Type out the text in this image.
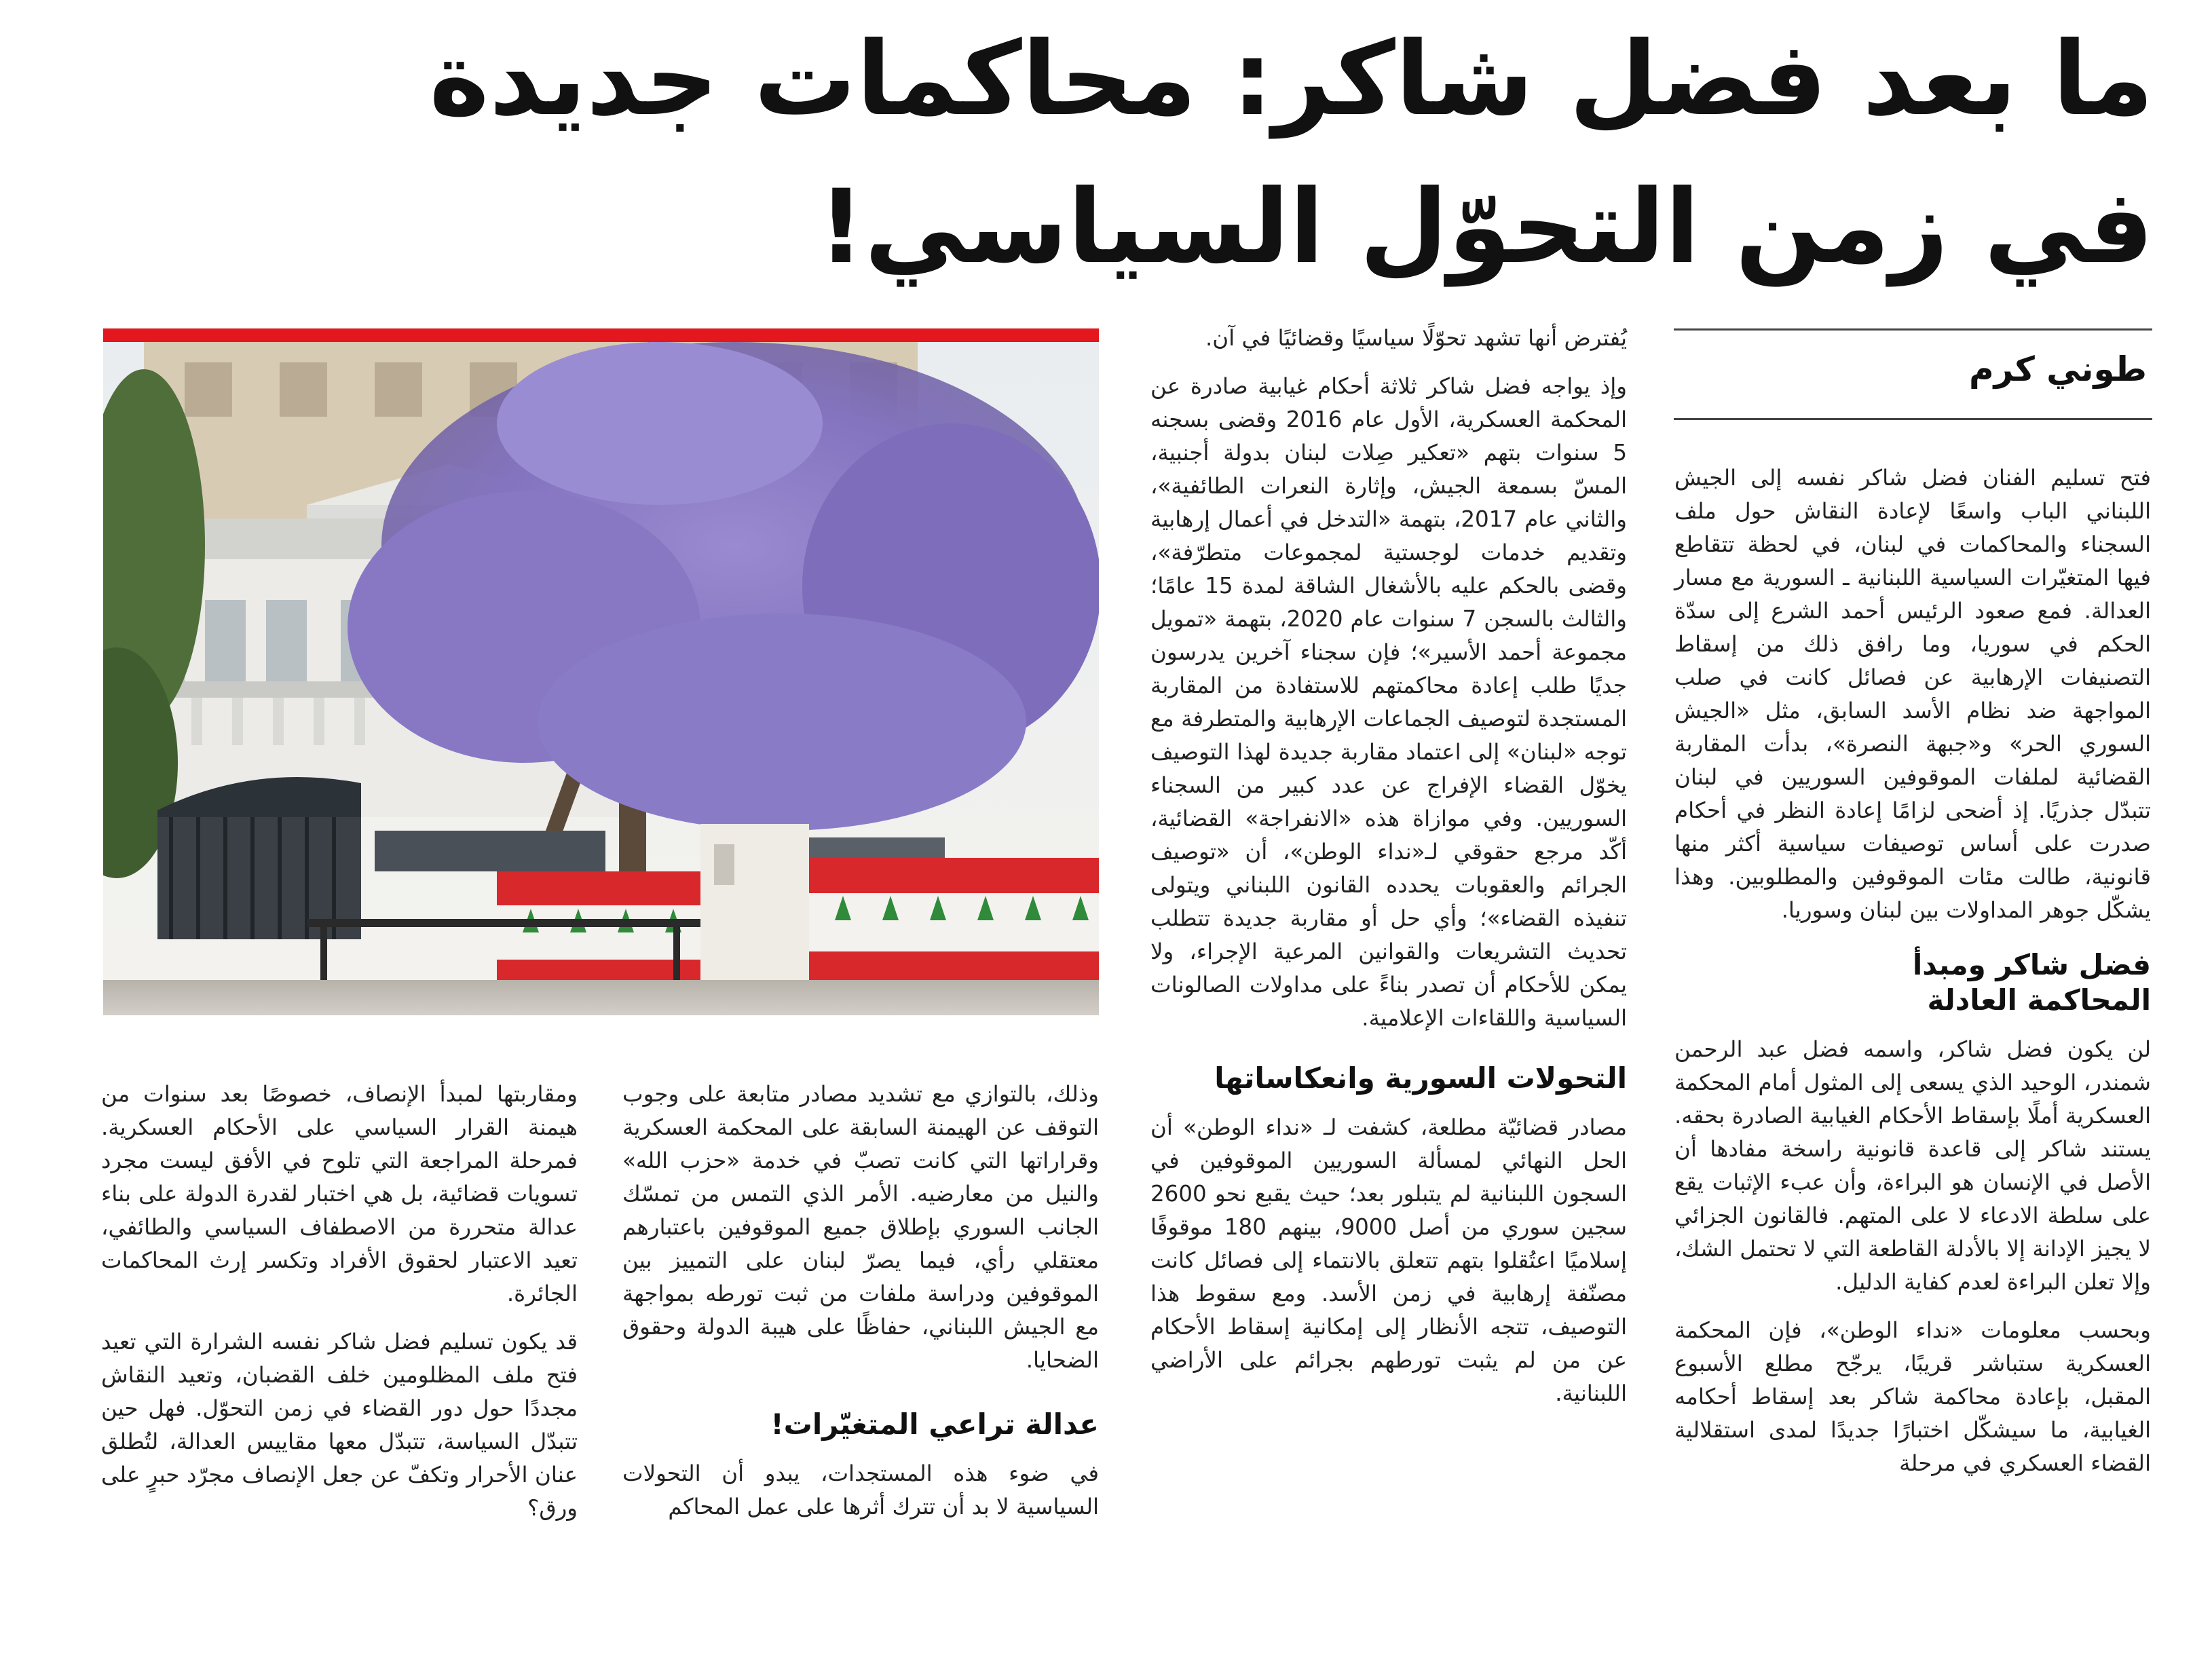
ما بعد فضل شاكر: محاكمات جديدة
في زمن التحوّل السياسي!
طوني كرم

فتح تسليم الفنان فضل شاكر نفسه إلى الجيش اللبناني الباب واسعًا لإعادة النقاش حول ملف السجناء والمحاكمات في لبنان، في لحظة تتقاطع فيها المتغيّرات السياسية اللبنانية ـ السورية مع مسار العدالة. فمع صعود الرئيس أحمد الشرع إلى سدّة الحكم في سوريا، وما رافق ذلك من إسقاط التصنيفات الإرهابية عن فصائل كانت في صلب المواجهة ضد نظام الأسد السابق، مثل «الجيش السوري الحر» و«جبهة النصرة»، بدأت المقاربة القضائية لملفات الموقوفين السوريين في لبنان تتبدّل جذريًا. إذ أضحى لزامًا إعادة النظر في أحكام صدرت على أساس توصيفات سياسية أكثر منها قانونية، طالت مئات الموقوفين والمطلوبين. وهذا يشكّل جوهر المداولات بين لبنان وسوريا.

فضل شاكر ومبدأ المحاكمة العادلة

لن يكون فضل شاكر، واسمه فضل عبد الرحمن شمندر، الوحيد الذي يسعى إلى المثول أمام المحكمة العسكرية أملًا بإسقاط الأحكام الغيابية الصادرة بحقه. يستند شاكر إلى قاعدة قانونية راسخة مفادها أن الأصل في الإنسان هو البراءة، وأن عبء الإثبات يقع على سلطة الادعاء لا على المتهم. فالقانون الجزائي لا يجيز الإدانة إلا بالأدلة القاطعة التي لا تحتمل الشك، وإلا تعلن البراءة لعدم كفاية الدليل.

وبحسب معلومات «نداء الوطن»، فإن المحكمة العسكرية ستباشر قريبًا، يرجّح مطلع الأسبوع المقبل، بإعادة محاكمة شاكر بعد إسقاط أحكامه الغيابية، ما سيشكّل اختبارًا جديدًا لمدى استقلالية القضاء العسكري في مرحلة

يُفترض أنها تشهد تحوّلًا سياسيًا وقضائيًا في آن.

وإذ يواجه فضل شاكر ثلاثة أحكام غيابية صادرة عن المحكمة العسكرية، الأول عام 2016 وقضى بسجنه 5 سنوات بتهم «تعكير صِلات لبنان بدولة أجنبية، المسّ بسمعة الجيش، وإثارة النعرات الطائفية»، والثاني عام 2017، بتهمة «التدخل في أعمال إرهابية وتقديم خدمات لوجستية لمجموعات متطرّفة»، وقضى بالحكم عليه بالأشغال الشاقة لمدة 15 عامًا؛ والثالث بالسجن 7 سنوات عام 2020، بتهمة «تمويل مجموعة أحمد الأسير»؛ فإن سجناء آخرين يدرسون جديًا طلب إعادة محاكمتهم للاستفادة من المقاربة المستجدة لتوصيف الجماعات الإرهابية والمتطرفة مع توجه «لبنان» إلى اعتماد مقاربة جديدة لهذا التوصيف يخوّل القضاء الإفراج عن عدد كبير من السجناء السوريين. وفي موازاة هذه «الانفراجة» القضائية، أكّد مرجع حقوقي لـ«نداء الوطن»، أن «توصيف الجرائم والعقوبات يحدده القانون اللبناني ويتولى تنفيذه القضاء»؛ وأي حل أو مقاربة جديدة تتطلب تحديث التشريعات والقوانين المرعية الإجراء، ولا يمكن للأحكام أن تصدر بناءً على مداولات الصالونات السياسية واللقاءات الإعلامية.

التحولات السورية وانعكاساتها

مصادر قضائيّة مطلعة، كشفت لـ «نداء الوطن» أن الحل النهائي لمسألة السوريين الموقوفين في السجون اللبنانية لم يتبلور بعد؛ حيث يقبع نحو 2600 سجين سوري من أصل 9000، بينهم 180 موقوفًا إسلاميًا اعتُقلوا بتهم تتعلق بالانتماء إلى فصائل كانت مصنّفة إرهابية في زمن الأسد. ومع سقوط هذا التوصيف، تتجه الأنظار إلى إمكانية إسقاط الأحكام عن من لم يثبت تورطهم بجرائم على الأراضي اللبنانية.

وذلك، بالتوازي مع تشديد مصادر متابعة على وجوب التوقف عن الهيمنة السابقة على المحكمة العسكرية وقراراتها التي كانت تصبّ في خدمة «حزب الله» والنيل من معارضيه. الأمر الذي التمس من تمسّك الجانب السوري بإطلاق جميع الموقوفين باعتبارهم معتقلي رأي، فيما يصرّ لبنان على التمييز بين الموقوفين ودراسة ملفات من ثبت تورطه بمواجهة مع الجيش اللبناني، حفاظًا على هيبة الدولة وحقوق الضحايا.

عدالة تراعي المتغيّرات!

في ضوء هذه المستجدات، يبدو أن التحولات السياسية لا بد أن تترك أثرها على عمل المحاكم

ومقاربتها لمبدأ الإنصاف، خصوصًا بعد سنوات من هيمنة القرار السياسي على الأحكام العسكرية. فمرحلة المراجعة التي تلوح في الأفق ليست مجرد تسويات قضائية، بل هي اختبار لقدرة الدولة على بناء عدالة متحررة من الاصطفاف السياسي والطائفي، تعيد الاعتبار لحقوق الأفراد وتكسر إرث المحاكمات الجائرة.

قد يكون تسليم فضل شاكر نفسه الشرارة التي تعيد فتح ملف المظلومين خلف القضبان، وتعيد النقاش مجددًا حول دور القضاء في زمن التحوّل. فهل حين تتبدّل السياسة، تتبدّل معها مقاييس العدالة، لتُطلق عنان الأحرار وتكفّ عن جعل الإنصاف مجرّد حبرٍ على ورق؟
